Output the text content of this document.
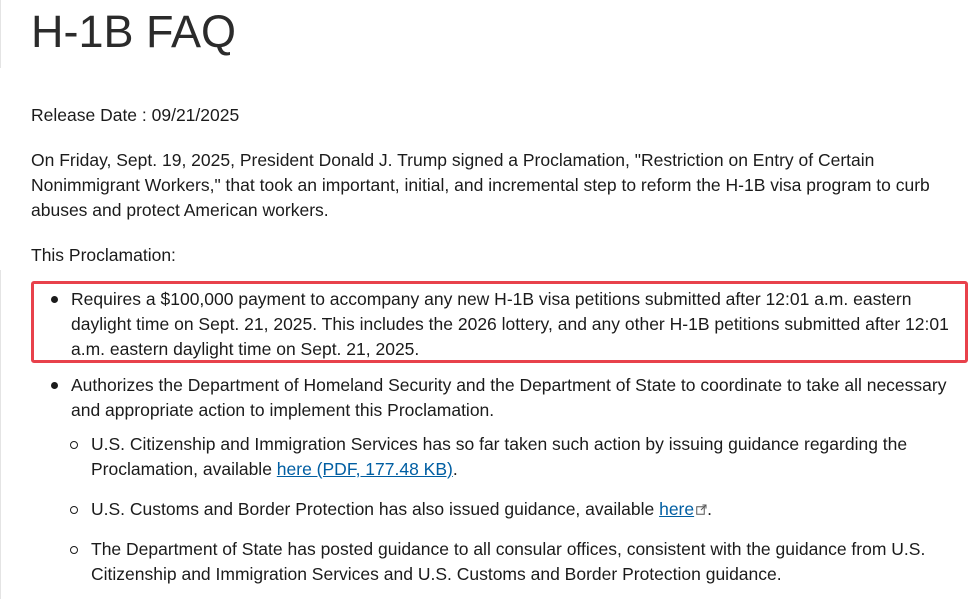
H-1B FAQ

Release Date : 09/21/2025

On Friday, Sept. 19, 2025, President Donald J. Trump signed a Proclamation, "Restriction on Entry of Certain Nonimmigrant Workers," that took an important, initial, and incremental step to reform the H-1B visa program to curb abuses and protect American workers.

This Proclamation:

Requires a $100,000 payment to accompany any new H-1B visa petitions submitted after 12:01 a.m. eastern daylight time on Sept. 21, 2025. This includes the 2026 lottery, and any other H-1B petitions submitted after 12:01 a.m. eastern daylight time on Sept. 21, 2025.
Authorizes the Department of Homeland Security and the Department of State to coordinate to take all necessary and appropriate action to implement this Proclamation.
U.S. Citizenship and Immigration Services has so far taken such action by issuing guidance regarding the Proclamation, available here (PDF, 177.48 KB).
U.S. Customs and Border Protection has also issued guidance, available here .
The Department of State has posted guidance to all consular offices, consistent with the guidance from U.S. Citizenship and Immigration Services and U.S. Customs and Border Protection guidance.
